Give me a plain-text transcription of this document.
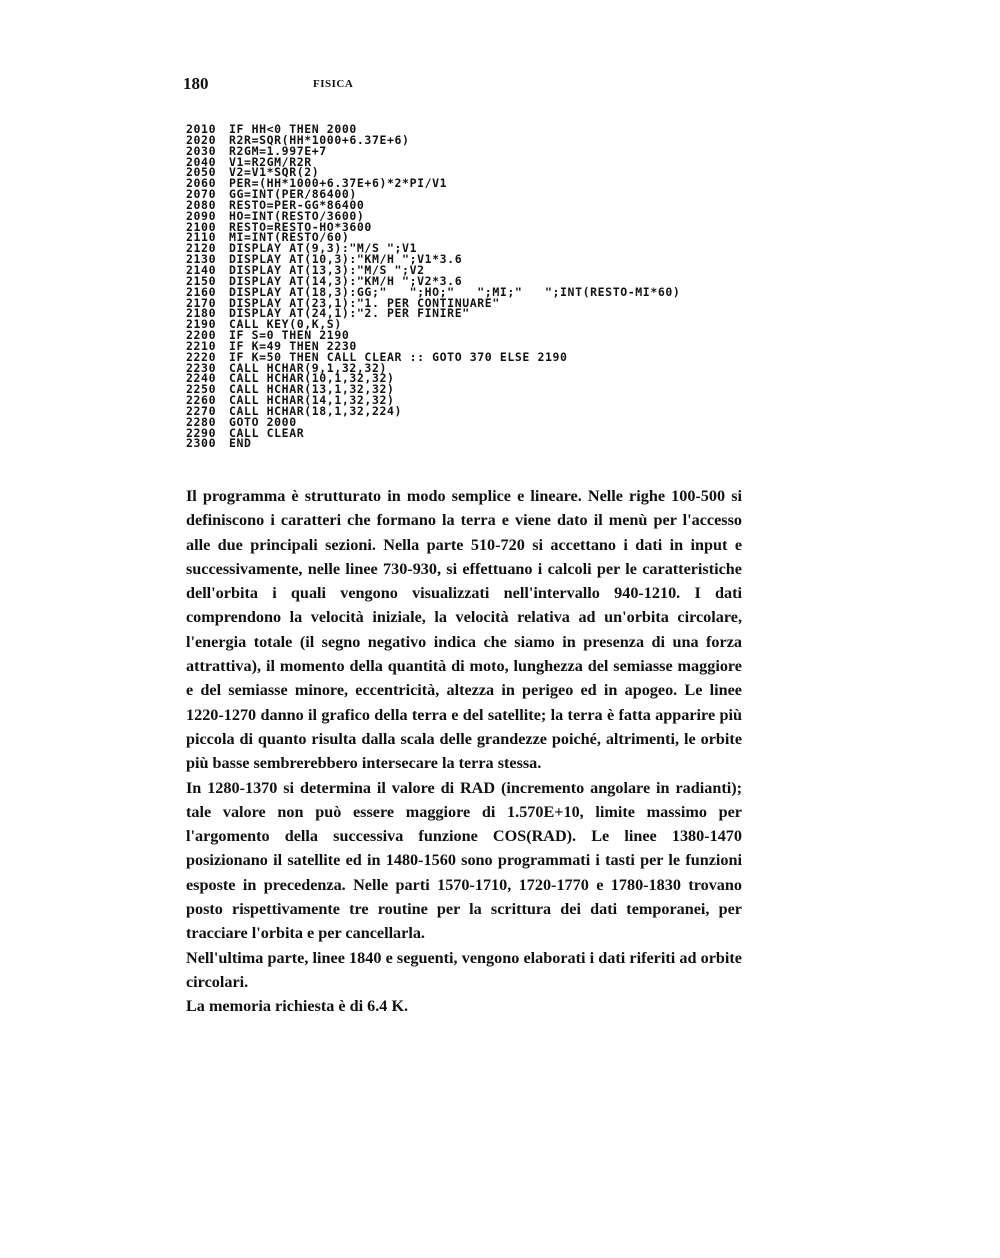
180	FISICA
2010 IF HH<0 THEN 2000
2020 R2R=SQR(HH*1000+6.37E+6)
2030 R2GM=1.997E+7
2040 V1=R2GM/R2R
2050 V2=V1*SQR(2)
2060 PER=(HH*1000+6.37E+6)*2*PI/V1
2070 GG=INT(PER/86400)
2080 RESTO=PER-GG*86400
2090 HO=INT(RESTO/3600)
2100 RESTO=RESTO-HO*3600
2110 MI=INT(RESTO/60)
2120 DISPLAY AT(9,3):"M/S ";V1
2130 DISPLAY AT(10,3):"KM/H ";V1*3.6
2140 DISPLAY AT(13,3):"M/S ";V2
2150 DISPLAY AT(14,3):"KM/H ";V2*3.6
2160 DISPLAY AT(18,3):GG;"   ";HO;"   ";MI;"   ";INT(RESTO-MI*60)
2170 DISPLAY AT(23,1):"1. PER CONTINUARE"
2180 DISPLAY AT(24,1):"2. PER FINIRE"
2190 CALL KEY(0,K,S)
2200 IF S=0 THEN 2190
2210 IF K=49 THEN 2230
2220 IF K=50 THEN CALL CLEAR :: GOTO 370 ELSE 2190
2230 CALL HCHAR(9,1,32,32)
2240 CALL HCHAR(10,1,32,32)
2250 CALL HCHAR(13,1,32,32)
2260 CALL HCHAR(14,1,32,32)
2270 CALL HCHAR(18,1,32,224)
2280 GOTO 2000
2290 CALL CLEAR
2300 END

Il programma è strutturato in modo semplice e lineare. Nelle righe 100-500 si definiscono i caratteri che formano la terra e viene dato il menù per l'accesso alle due principali sezioni. Nella parte 510-720 si accettano i dati in input e successivamente, nelle linee 730-930, si effettuano i calcoli per le caratteristiche dell'orbita i quali vengono visualizzati nell'intervallo 940-1210. I dati comprendono la velocità iniziale, la velocità relativa ad un'orbita circolare, l'energia totale (il segno negativo indica che siamo in presenza di una forza attrattiva), il momento della quantità di moto, lunghezza del semiasse maggiore e del semiasse minore, eccentricità, altezza in perigeo ed in apogeo. Le linee 1220-1270 danno il grafico della terra e del satellite; la terra è fatta apparire più piccola di quanto risulta dalla scala delle grandezze poiché, altrimenti, le orbite più basse sembrerebbero intersecare la terra stessa.

In 1280-1370 si determina il valore di RAD (incremento angolare in radianti); tale valore non può essere maggiore di 1.570E+10, limite massimo per l'argomento della successiva funzione COS(RAD). Le linee 1380-1470 posizionano il satellite ed in 1480-1560 sono programmati i tasti per le funzioni esposte in precedenza. Nelle parti 1570-1710, 1720-1770 e 1780-1830 trovano posto rispettivamente tre routine per la scrittura dei dati temporanei, per tracciare l'orbita e per cancellarla.

Nell'ultima parte, linee 1840 e seguenti, vengono elaborati i dati riferiti ad orbite circolari.

La memoria richiesta è di 6.4 K.
